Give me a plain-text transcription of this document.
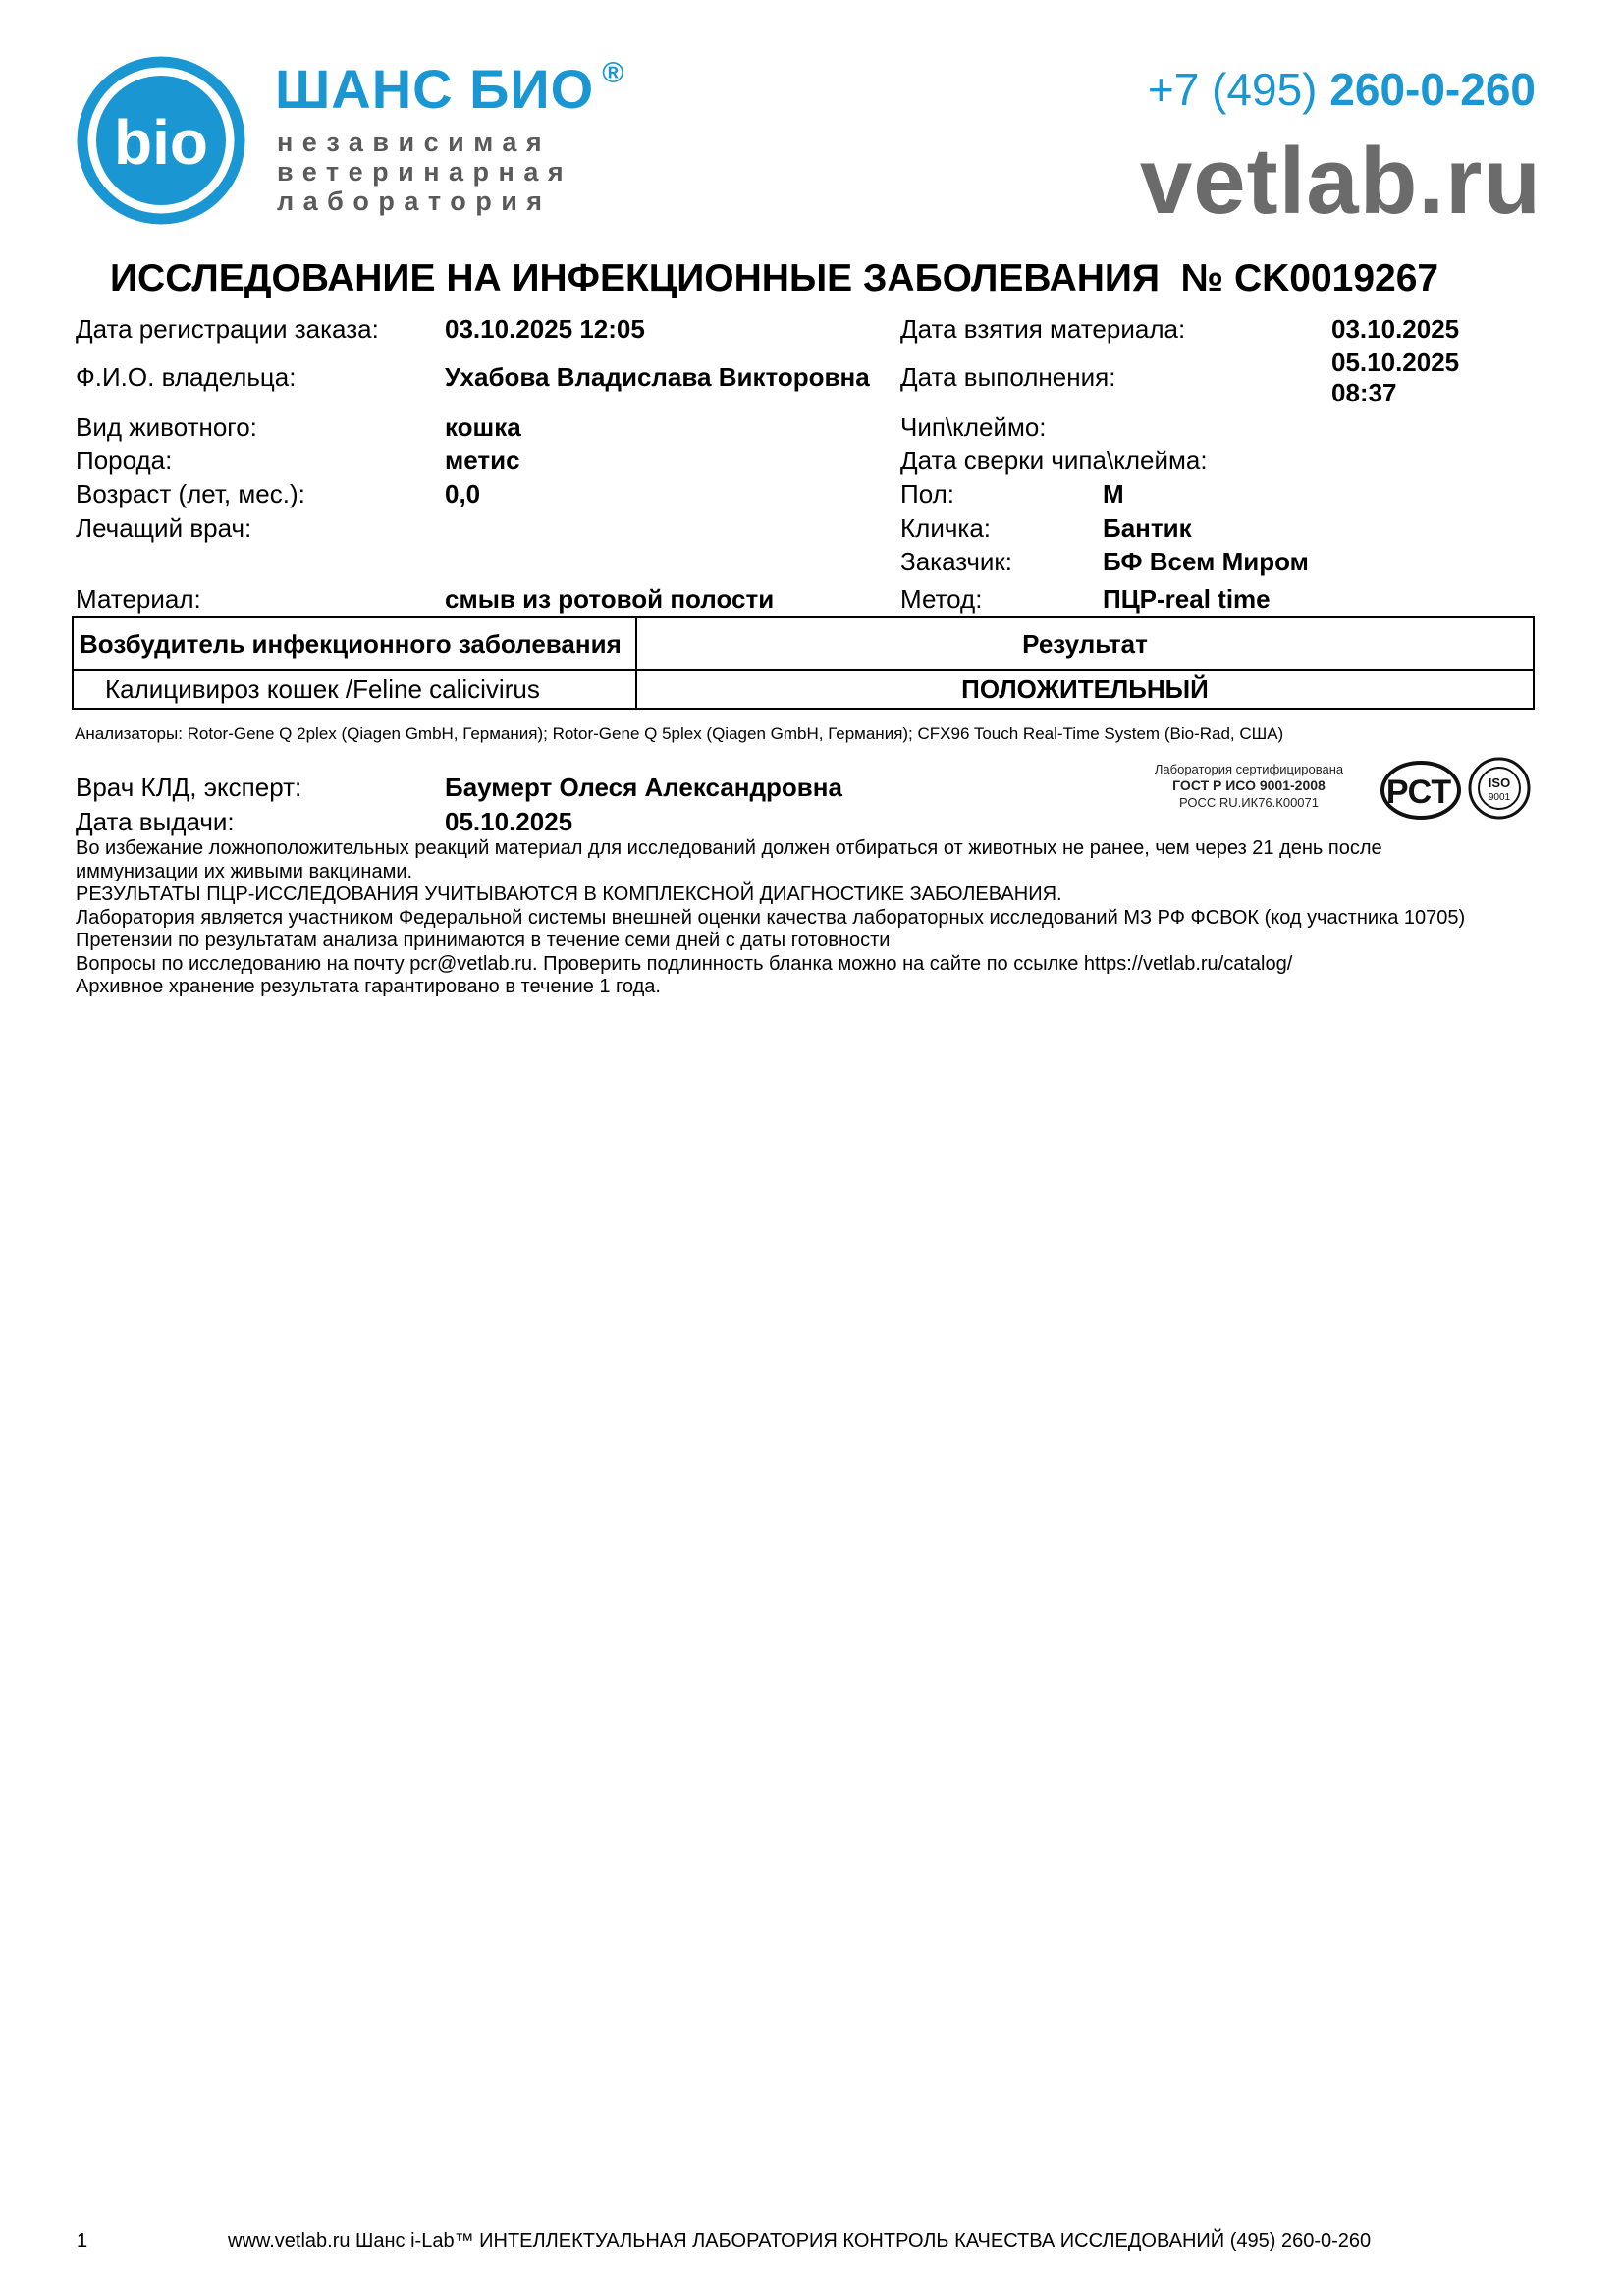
bio
ШАНС БИО ®
независимая
ветеринарная
лаборатория
+7 (495) 260-0-260
vetlab.ru
ИССЛЕДОВАНИЕ НА ИНФЕКЦИОННЫЕ ЗАБОЛЕВАНИЯ  № CK0019267
Дата регистрации заказа:	03.10.2025 12:05
Ф.И.О. владельца:	Ухабова Владислава Викторовна
Вид животного:	кошка
Порода:	метис
Возраст (лет, мес.):	0,0
Лечащий врач:
Материал:	смыв из ротовой полости
Дата взятия материала:	03.10.2025
Дата выполнения:	05.10.2025
08:37
Чип\клеймо:
Дата сверки чипа\клейма:
Пол:	М
Кличка:	Бантик
Заказчик:	БФ Всем Миром
Метод:	ПЦР-real time
Возбудитель инфекционного заболевания	Результат
Калицивироз кошек /Feline calicivirus	ПОЛОЖИТЕЛЬНЫЙ
Анализаторы: Rotor-Gene Q 2plex (Qiagen GmbH, Германия); Rotor-Gene Q 5plex (Qiagen GmbH, Германия); CFX96 Touch Real-Time System (Bio-Rad, США)
Врач КЛД, эксперт:	Баумерт Олеся Александровна
Дата выдачи:	05.10.2025
Лаборатория сертифицирована
ГОСТ Р ИСО 9001-2008
РОСС RU.ИК76.К00071	РСТ	ISO
9001
Во избежание ложноположительных реакций материал для исследований должен отбираться от животных не ранее, чем через 21 день после
иммунизации их живыми вакцинами.
РЕЗУЛЬТАТЫ ПЦР-ИССЛЕДОВАНИЯ УЧИТЫВАЮТСЯ В КОМПЛЕКСНОЙ ДИАГНОСТИКЕ ЗАБОЛЕВАНИЯ.
Лаборатория является участником Федеральной системы внешней оценки качества лабораторных исследований МЗ РФ ФСВОК (код участника 10705)
Претензии по результатам анализа принимаются в течение семи дней с даты готовности
Вопросы по исследованию на почту pcr@vetlab.ru. Проверить подлинность бланка можно на сайте по ссылке https://vetlab.ru/catalog/
Архивное хранение результата гарантировано в течение 1 года.
1	www.vetlab.ru Шанс i-Lab™ ИНТЕЛЛЕКТУАЛЬНАЯ ЛАБОРАТОРИЯ КОНТРОЛЬ КАЧЕСТВА ИССЛЕДОВАНИЙ (495) 260-0-260
